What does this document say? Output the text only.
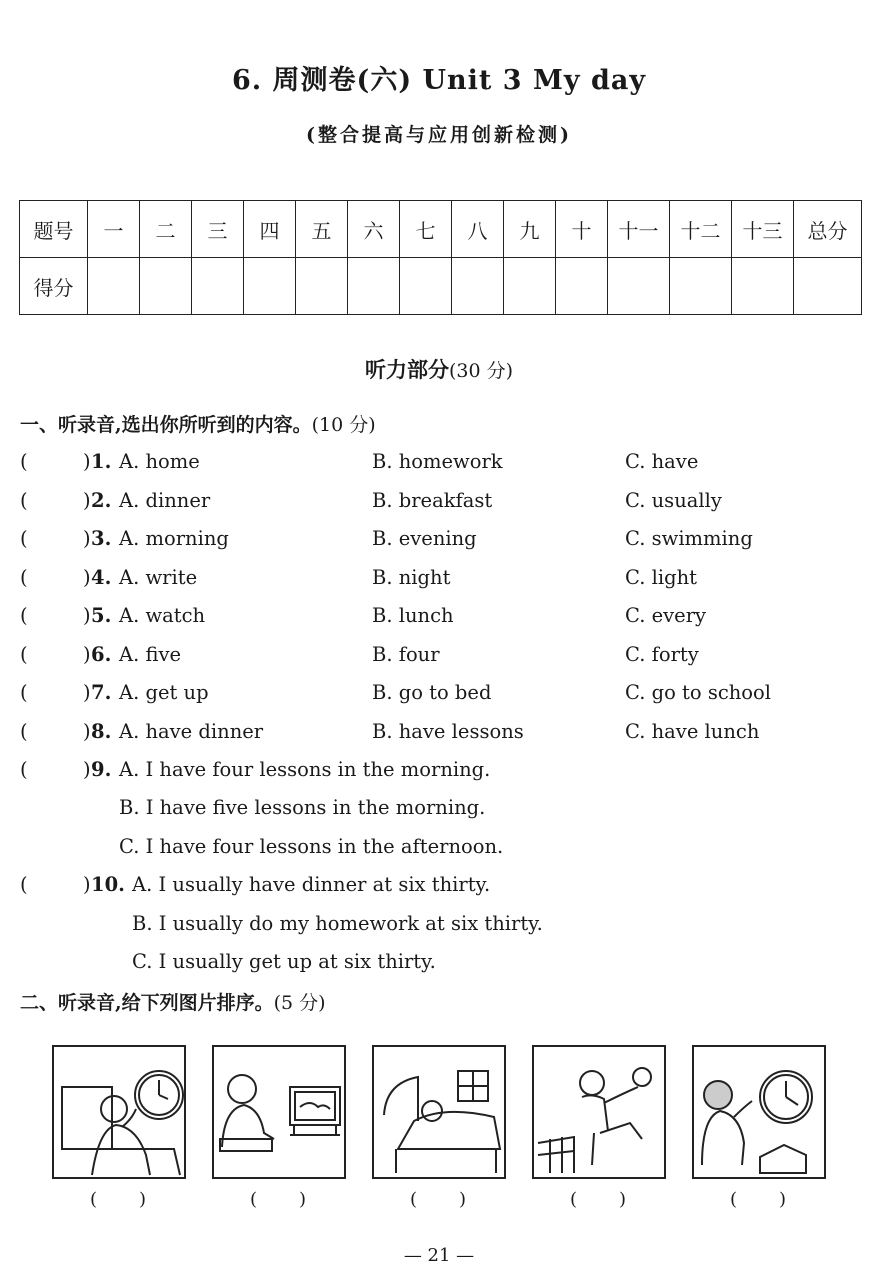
6. 周测卷(六) Unit 3 My day
(整合提高与应用创新检测)
题号	一	二	三	四	五	六	七	八	九	十	十一	十二	十三	总分
得分														
听力部分(30 分)
一、听录音,选出你所听到的内容。(10 分)
(	) 1. A. home	B. homework	C. have
(	) 2. A. dinner	B. breakfast	C. usually
(	) 3. A. morning	B. evening	C. swimming
(	) 4. A. write	B. night	C. light
(	) 5. A. watch	B. lunch	C. every
(	) 6. A. five	B. four	C. forty
(	) 7. A. get up	B. go to bed	C. go to school
(	) 8. A. have dinner	B. have lessons	C. have lunch
(	) 9. A. I have four lessons in the morning.
B. I have five lessons in the morning.
C. I have four lessons in the afternoon.
(	) 10. A. I usually have dinner at six thirty.
B. I usually do my homework at six thirty.
C. I usually get up at six thirty.
二、听录音,给下列图片排序。(5 分)
(　　)	(　　)	(　　)	(　　)	(　　)
— 21 —
